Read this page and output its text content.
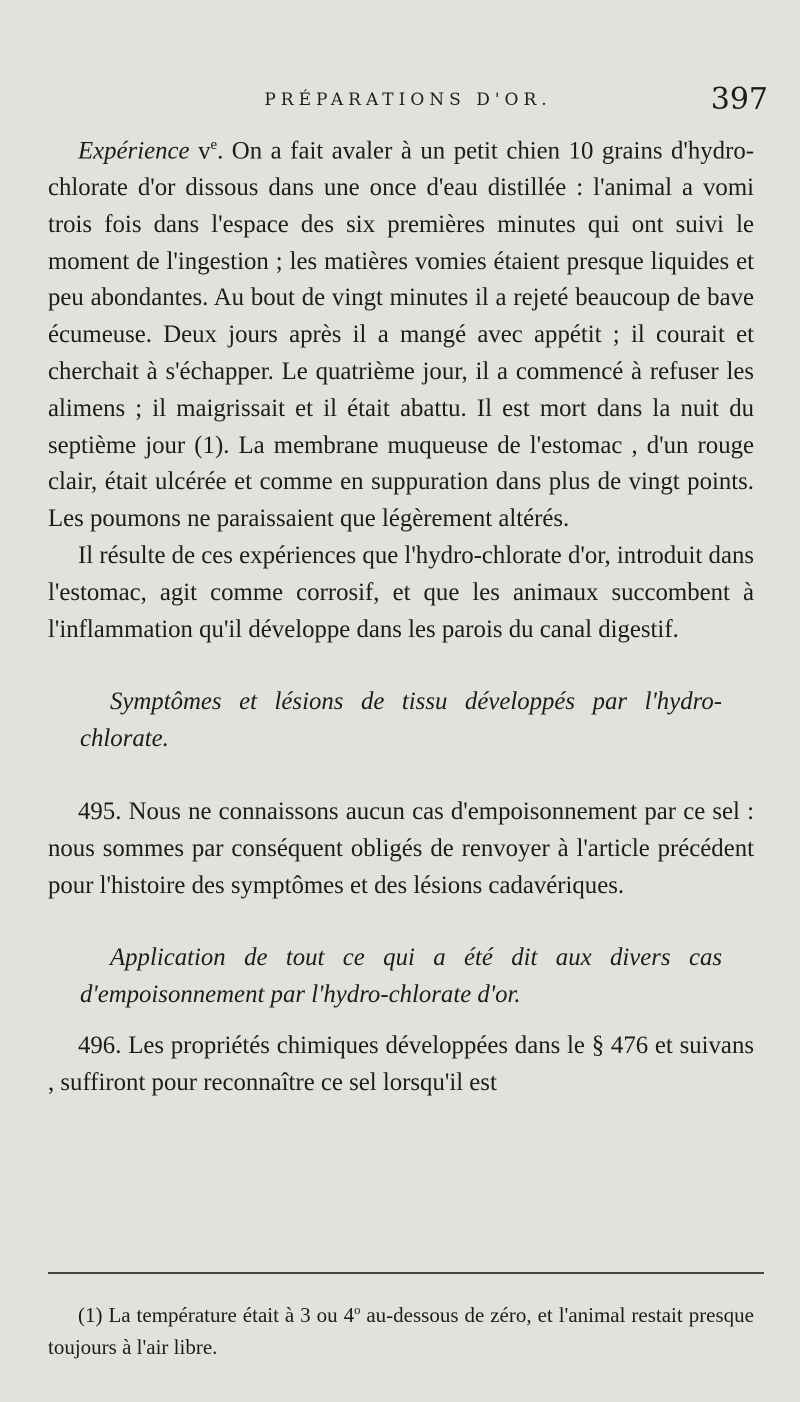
PRÉPARATIONS D'OR.	397

Expérience $v^e$. On a fait avaler à un petit chien 10 grains d'hydro-chlorate d'or dissous dans une once d'eau distillée : l'animal a vomi trois fois dans l'espace des six premières minutes qui ont suivi le moment de l'ingestion ; les matières vomies étaient presque liquides et peu abondantes. Au bout de vingt minutes il a rejeté beaucoup de bave écumeuse. Deux jours après il a mangé avec appétit ; il courait et cherchait à s'échapper. Le quatrième jour, il a commencé à refuser les alimens ; il maigrissait et il était abattu. Il est mort dans la nuit du septième jour (1). La membrane muqueuse de l'estomac , d'un rouge clair, était ulcérée et comme en suppuration dans plus de vingt points. Les poumons ne paraissaient que légèrement altérés.

Il résulte de ces expériences que l'hydro-chlorate d'or, introduit dans l'estomac, agit comme corrosif, et que les animaux succombent à l'inflammation qu'il développe dans les parois du canal digestif.

Symptômes et lésions de tissu développés par l'hydro-chlorate.

495. Nous ne connaissons aucun cas d'empoisonnement par ce sel : nous sommes par conséquent obligés de renvoyer à l'article précédent pour l'histoire des symptômes et des lésions cadavériques.

Application de tout ce qui a été dit aux divers cas d'empoisonnement par l'hydro-chlorate d'or.

496. Les propriétés chimiques développées dans le § 476 et suivans , suffiront pour reconnaître ce sel lorsqu'il est

(1) La température était à 3 ou 4$^o$ au-dessous de zéro, et l'animal restait presque toujours à l'air libre.
